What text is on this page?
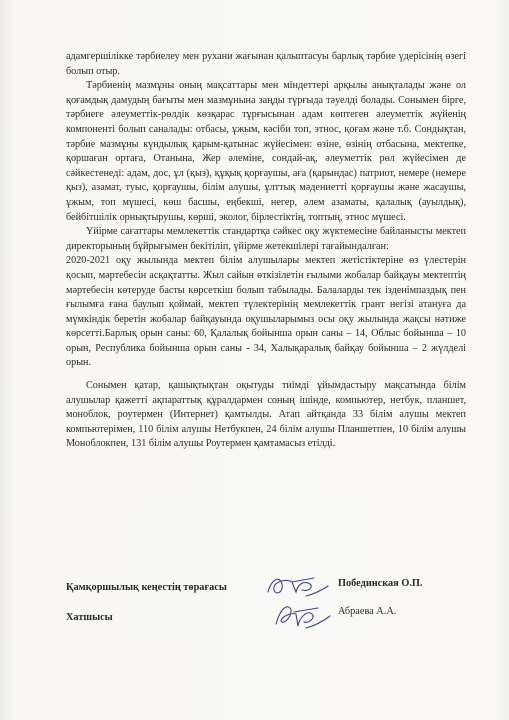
адамгершілікке тәрбиелеу мен рухани жағынан қалыптасуы барлық тәрбие үдерісінің өзегі болып отыр.

Тәрбиенің мазмұны оның мақсаттары мен міндеттері арқылы анықталады және ол қоғамдық дамудың бағыты мен мазмұнына заңды түрғыда тәуелді болады. Сонымен бірге, тәрбиеге әлеуметтік-рөлдік көзқарас тұрғысынан адам көптеген әлеуметтік жүйенің компоненті болып саналады: отбасы, ұжым, кәсіби топ, этнос, қоғам және т.б. Сондықтан, тәрбие мазмұны күндылық қарым-қатынас жүйесімен: өзіне, өзінің отбасына, мектепке, қоршаған ортаға, Отанына, Жер әлеміне, сондай-ақ, әлеуметтік рөл жүйесімен де сәйкестенеді: адам, дос, ұл (қыз), құқық қорғаушы, аға (қарындас) патриот, немере (немере қыз), азамат, туыс, қорғаушы, білім алушы, ұлттық мәдениетті қорғаушы және жасаушы, ұжым, топ мүшесі, көш басшы, еңбекші, негер, әлем азаматы, қалалық (ауылдық), бейбітшілік орнықтырушы, көрші, эколог, бірлестіктің, топтың, этнос мүшесі.

Үйірме сағаттары мемлекеттік стандартқа сәйкес оқу жүктемесіне байланысты мектеп директорының бұйрығымен бекітіліп, үйірме жетекшілері тағайындалған:

2020-2021 оқу жылында мектеп білім алушылары мектеп жетістіктеріне өз үлестерін қосып, мәртебесін асқақтатты. Жыл сайын өткізілетін ғылыми жобалар байқауы мектептің мәртебесін көтеруде басты көрсеткіш болып табылады. Балаларды тек ізденімпаздық пен ғылымға ғана баулып қоймай, мектеп түлектерінің мемлекеттік грант негізі атануға да мүмкіндік беретін жобалар байқауында оқушыларымыз осы оқу жылында жақсы нәтиже көрсетті.Барлық орын саны: 60, Қалалық бойынша орын саны – 14, Облыс бойынша – 10 орын, Республика бойынша орын саны - 34, Халықаралық байқау бойынша – 2 жүлделі орын.

Сонымен қатар, қашықтықтан оқытуды тиімді ұйымдастыру мақсатында білім алушылар қажетті ақпараттық құралдармен соның ішінде, компьютер, нетбук, планшет, моноблок, роутермен (Интернет) қамтылды. Атап айтқанда 33 білім алушы мектеп компьютерімен, 110 білім алушы Нетбукпен, 24 білім алушы Планшетпен, 10 білім алушы Моноблокпен, 131 білім алушы Роутермен қамтамасыз етілді.

Қамқоршылық кеңестің төрағасы	Побединская О.П.
Хатшысы
Абраева А.А.
